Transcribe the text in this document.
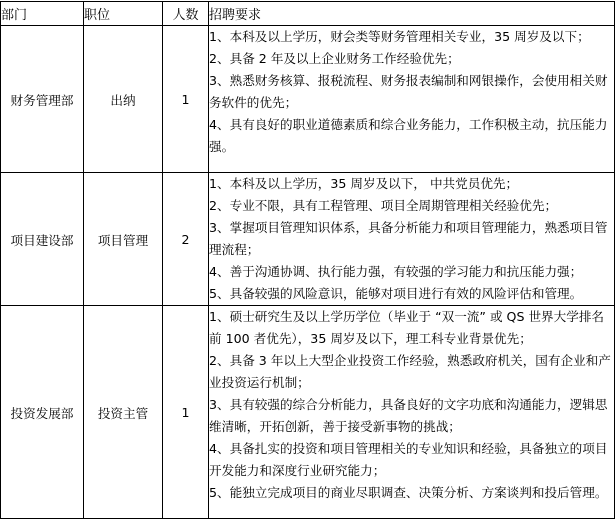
部门	职位	人数	招聘要求
财务管理部	出纳	1	1、本科及以上学历，财会类等财务管理相关专业，35 周岁及以下；
2、具备 2 年及以上企业财务工作经验优先；
3、熟悉财务核算、报税流程、财务报表编制和网银操作，会使用相关财务软件的优先；
4、具有良好的职业道德素质和综合业务能力，工作积极主动，抗压能力强。

项目建设部	项目管理	2	1、本科及以上学历，35 周岁及以下， 中共党员优先；
2、专业不限，具有工程管理、项目全周期管理相关经验优先；
3、掌握项目管理知识体系，具备分析能力和项目管理能力，熟悉项目管理流程；
4、善于沟通协调、执行能力强，有较强的学习能力和抗压能力强；
5、具备较强的风险意识，能够对项目进行有效的风险评估和管理。

投资发展部	投资主管	1	1、硕士研究生及以上学历学位（毕业于 “双一流” 或 QS 世界大学排名前 100 者优先），35 周岁及以下，理工科专业背景优先；
2、具备 3 年以上大型企业投资工作经验，熟悉政府机关，国有企业和产业投资运行机制；
3、具有较强的综合分析能力，具备良好的文字功底和沟通能力，逻辑思维清晰，开拓创新，善于接受新事物的挑战；
4、具备扎实的投资和项目管理相关的专业知识和经验，具备独立的项目开发能力和深度行业研究能力；
5、能独立完成项目的商业尽职调查、决策分析、方案谈判和投后管理。
